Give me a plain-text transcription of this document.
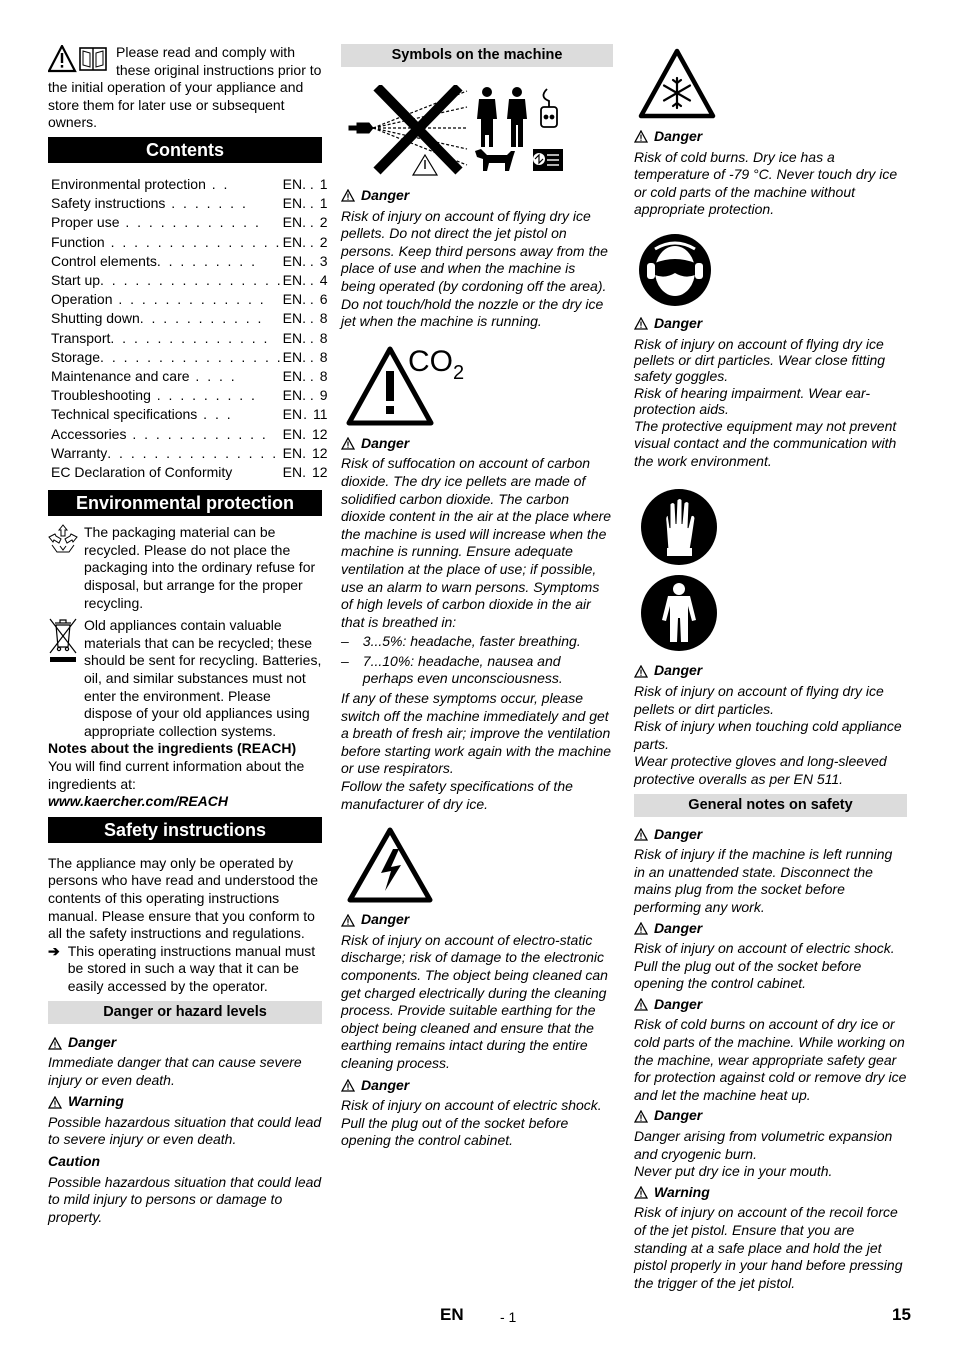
Please read and comply with these original instructions prior to the initial operation of your appliance and store them for later use or subsequent owners.

Contents
Environmental protection . .	EN	. . 1
Safety instructions . . . . . . .	EN	. . 1
Proper use . . . . . . . . . . . .	EN	. . 2
Function . . . . . . . . . . . . . . .	EN	. . 2
Control elements. . . . . . . . .	EN	. . 3
Start up. . . . . . . . . . . . . . . .	EN	. . 4
Operation . . . . . . . . . . . . .	EN	. . 6
Shutting down. . . . . . . . . . .	EN	. . 8
Transport. . . . . . . . . . . . . .	EN	. . 8
Storage. . . . . . . . . . . . . . . .	EN	. . 8
Maintenance and care . . . .	EN	. . 8
Troubleshooting . . . . . . . . .	EN	. . 9
Technical specifications . . .	EN	. 11
Accessories . . . . . . . . . . . .	EN	. 12
Warranty. . . . . . . . . . . . . . .	EN	. 12
EC Declaration of Conformity	EN	. 12
Environmental protection

The packaging material can be recycled. Please do not place the packaging into the ordinary refuse for disposal, but arrange for the proper recycling.

Old appliances contain valuable materials that can be recycled; these should be sent for recycling. Batteries, oil, and similar substances must not enter the environment. Please dispose of your old appliances using appropriate collection systems.

Notes about the ingredients (REACH)

You will find current information about the ingredients at:

www.kaercher.com/REACH

Safety instructions

The appliance may only be operated by persons who have read and understood the contents of this operating instructions manual. Please ensure that you conform to all the safety instructions and regulations.

➔ This operating instructions manual must be stored in such a way that it can be easily accessed by the operator.

Danger or hazard levels
Danger

Immediate danger that can cause severe injury or even death.

Warning

Possible hazardous situation that could lead to severe injury or even death.

Caution

Possible hazardous situation that could lead to mild injury to persons or damage to property.

Symbols on the machine
Danger

Risk of injury on account of flying dry ice pellets. Do not direct the jet pistol on persons. Keep third persons away from the place of use and when the machine is being operated (by cordoning off the area).

Do not touch/hold the nozzle or the dry ice jet when the machine is running.

CO 2
Danger

Risk of suffocation on account of carbon dioxide. The dry ice pellets are made of solidified carbon dioxide. The carbon dioxide content in the air at the place where the machine is used will increase when the machine is running. Ensure adequate ventilation at the place of use; if possible, use an alarm to warn persons. Symptoms of high levels of carbon dioxide in the air that is breathed in:

– 3...5%: headache, faster breathing.

– 7...10%: headache, nausea and perhaps even unconsciousness.

If any of these symptoms occur, please switch off the machine immediately and get a breath of fresh air; improve the ventilation before starting work again with the machine or use respirators.

Follow the safety specifications of the manufacturer of dry ice.

Danger

Risk of injury on account of electro-static discharge; risk of damage to the electronic components. The object being cleaned can get charged electrically during the cleaning process. Provide suitable earthing for the object being cleaned and ensure that the earthing remains intact during the entire cleaning process.

Danger

Risk of injury on account of electric shock. Pull the plug out of the socket before opening the control cabinet.

Danger

Risk of cold burns. Dry ice has a temperature of -79 °C. Never touch dry ice or cold parts of the machine without appropriate protection.

Danger

Risk of injury on account of flying dry ice pellets or dirt particles. Wear close fitting safety goggles.

Risk of hearing impairment. Wear ear-protection aids.

The protective equipment may not prevent visual contact and the communication with the work environment.

Danger

Risk of injury on account of flying dry ice pellets or dirt particles.

Risk of injury when touching cold appliance parts.

Wear protective gloves and long-sleeved protective overalls as per EN 511.

General notes on safety
Danger

Risk of injury if the machine is left running in an unattended state. Disconnect the mains plug from the socket before performing any work.

Danger

Risk of injury on account of electric shock. Pull the plug out of the socket before opening the control cabinet.

Danger

Risk of cold burns on account of dry ice or cold parts of the machine. While working on the machine, wear appropriate safety gear for protection against cold or remove dry ice and let the machine heat up.

Danger

Danger arising from volumetric expansion and cryogenic burn.

Never put dry ice in your mouth.

Warning

Risk of injury on account of the recoil force of the jet pistol. Ensure that you are standing at a safe place and hold the jet pistol properly in your hand before pressing the trigger of the jet pistol.

EN	- 1	15
